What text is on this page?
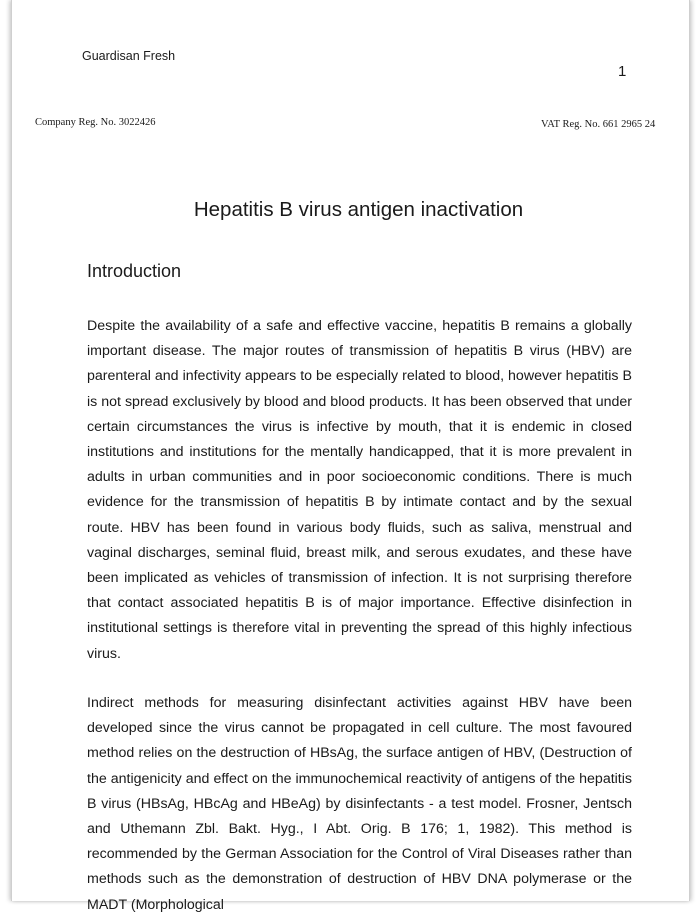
Guardisan Fresh
1
Company Reg. No. 3022426	VAT Reg. No. 661 2965 24
Hepatitis B virus antigen inactivation
Introduction

Despite the availability of a safe and effective vaccine, hepatitis B remains a globally important disease. The major routes of transmission of hepatitis B virus (HBV) are parenteral and infectivity appears to be especially related to blood, however hepatitis B is not spread exclusively by blood and blood products. It has been observed that under certain circumstances the virus is infective by mouth, that it is endemic in closed institutions and institutions for the mentally handicapped, that it is more prevalent in adults in urban communities and in poor socioeconomic conditions. There is much evidence for the transmission of hepatitis B by intimate contact and by the sexual route. HBV has been found in various body fluids, such as saliva, menstrual and vaginal discharges, seminal fluid, breast milk, and serous exudates, and these have been implicated as vehicles of transmission of infection. It is not surprising therefore that contact associated hepatitis B is of major importance. Effective disinfection in institutional settings is therefore vital in preventing the spread of this highly infectious virus.

Indirect methods for measuring disinfectant activities against HBV have been developed since the virus cannot be propagated in cell culture. The most favoured method relies on the destruction of HBsAg, the surface antigen of HBV, (Destruction of the antigenicity and effect on the immunochemical reactivity of antigens of the hepatitis B virus (HBsAg, HBcAg and HBeAg) by disinfectants - a test model. Frosner, Jentsch and Uthemann Zbl. Bakt. Hyg., I Abt. Orig. B 176; 1, 1982). This method is recommended by the German Association for the Control of Viral Diseases rather than methods such as the demonstration of destruction of HBV DNA polymerase or the MADT (Morphological
